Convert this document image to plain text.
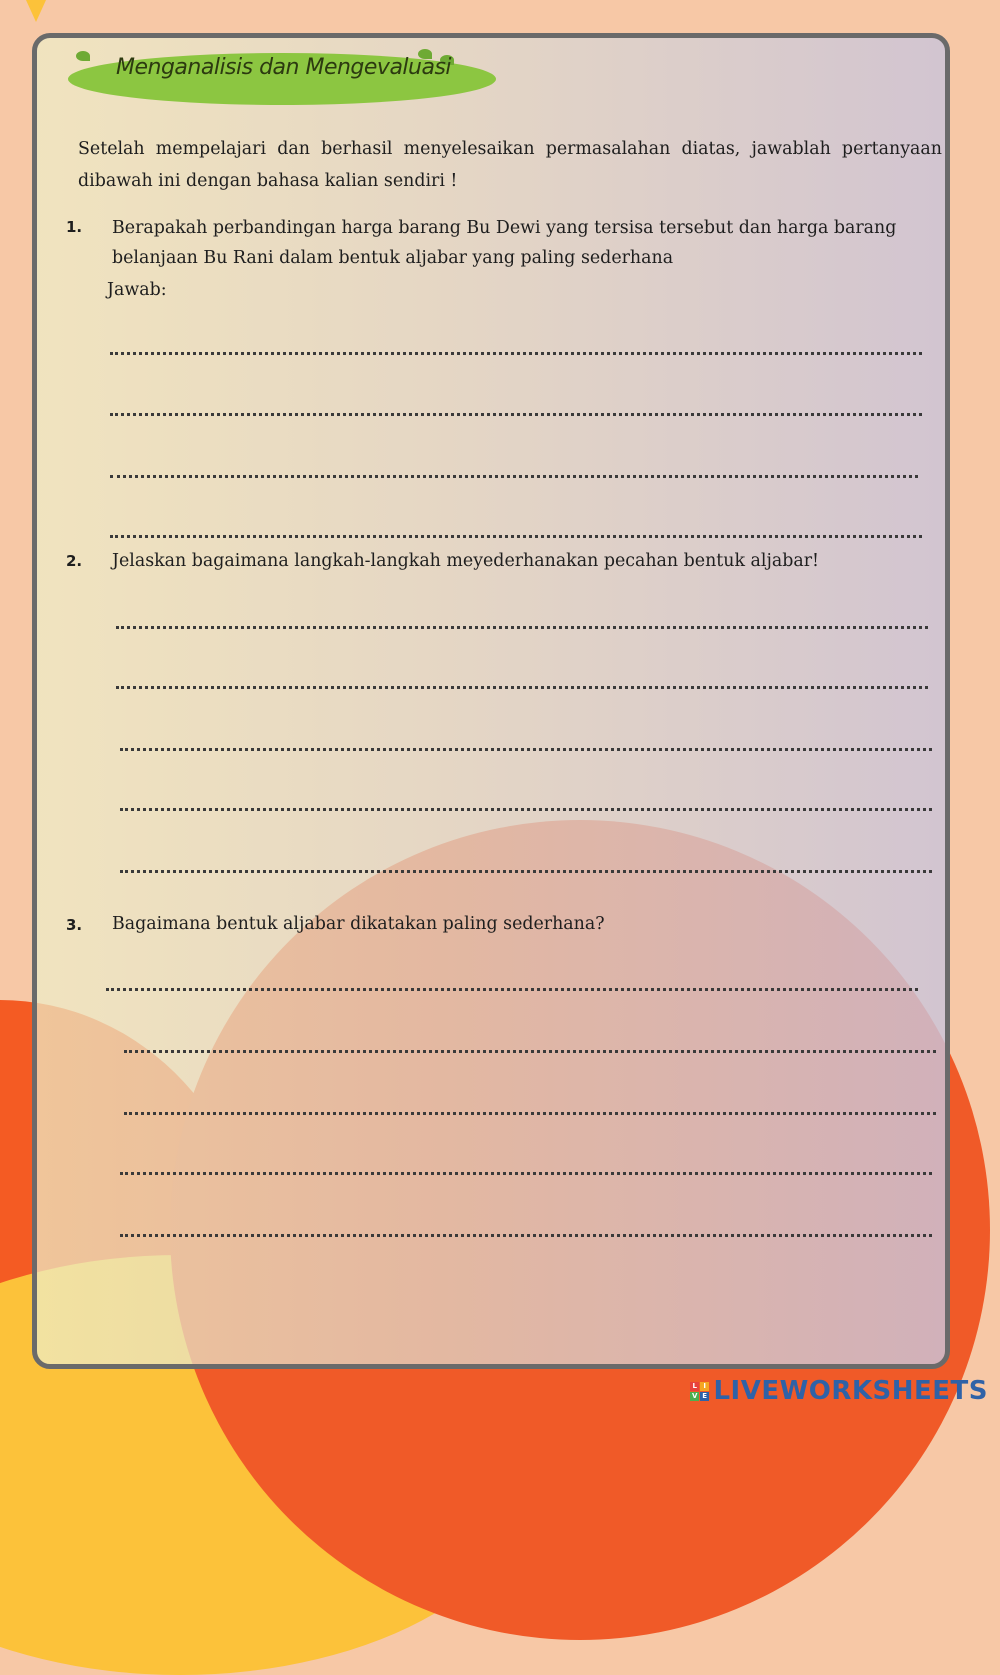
Menganalisis dan Mengevaluasi
Setelah mempelajari dan berhasil menyelesaikan permasalahan diatas, jawablah pertanyaan dibawah ini dengan bahasa kalian sendiri !
1. Berapakah perbandingan harga barang Bu Dewi yang tersisa tersebut dan harga barang belanjaan Bu Rani dalam bentuk aljabar yang paling sederhana
Jawab:
2. Jelaskan bagaimana langkah-langkah meyederhanakan pecahan bentuk aljabar!
3. Bagaimana bentuk aljabar dikatakan paling sederhana?
L I
V E LIVEWORKSHEETS
